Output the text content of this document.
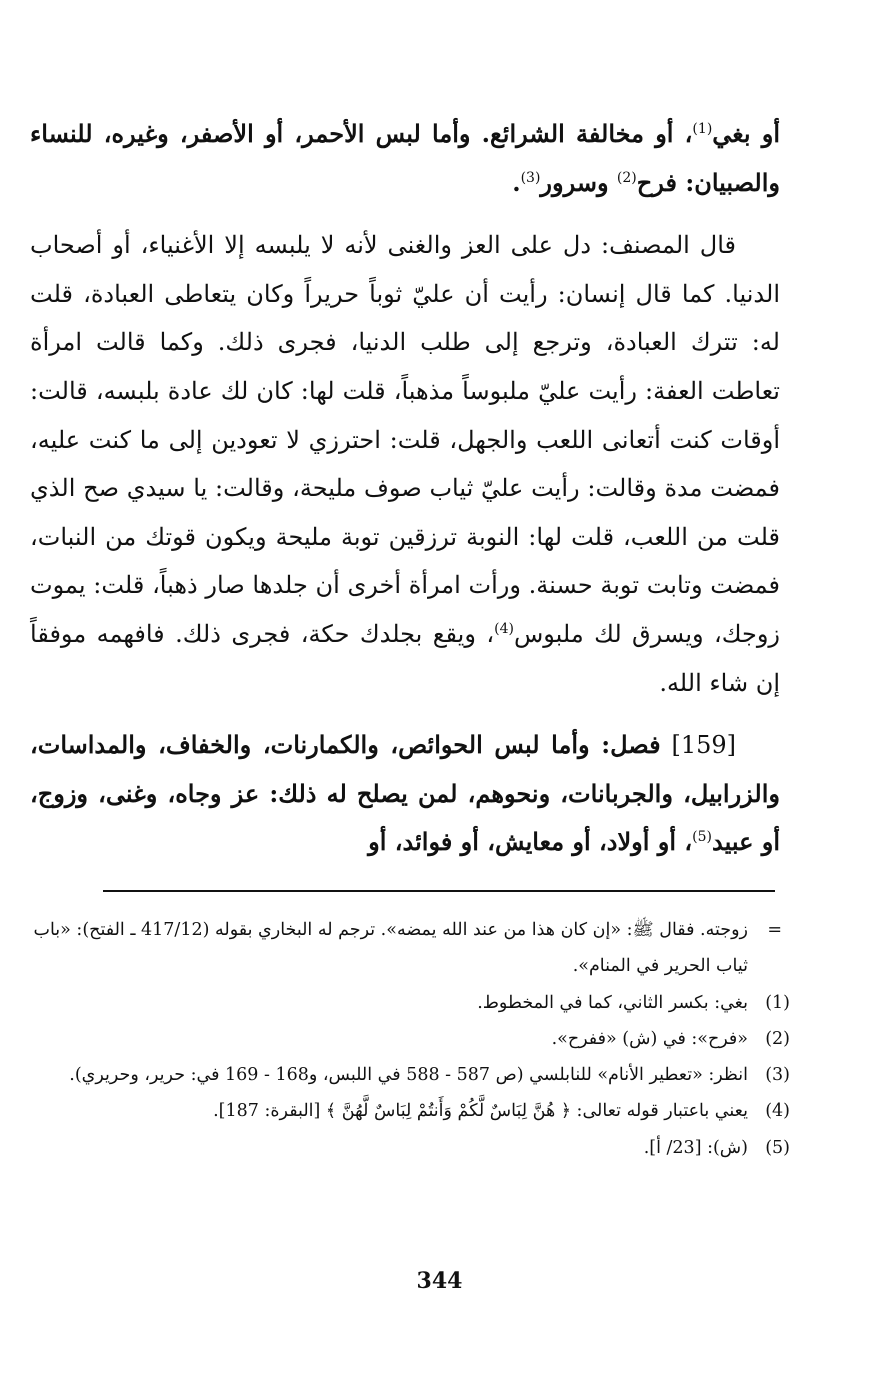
أو بغي$^{(1)}$، أو مخالفة الشرائع. وأما لبس الأحمر، أو الأصفر، وغيره، للنساء والصبيان: فرح$^{(2)}$ وسرور$^{(3)}$.

قال المصنف: دل على العز والغنى لأنه لا يلبسه إلا الأغنياء، أو أصحاب الدنيا. كما قال إنسان: رأيت أن عليّ ثوباً حريراً وكان يتعاطى العبادة، قلت له: تترك العبادة، وترجع إلى طلب الدنيا، فجرى ذلك. وكما قالت امرأة تعاطت العفة: رأيت عليّ ملبوساً مذهباً، قلت لها: كان لك عادة بلبسه، قالت: أوقات كنت أتعانى اللعب والجهل، قلت: احترزي لا تعودين إلى ما كنت عليه، فمضت مدة وقالت: رأيت عليّ ثياب صوف مليحة، وقالت: يا سيدي صح الذي قلت من اللعب، قلت لها: النوبة ترزقين توبة مليحة ويكون قوتك من النبات، فمضت وتابت توبة حسنة. ورأت امرأة أخرى أن جلدها صار ذهباً، قلت: يموت زوجك، ويسرق لك ملبوس$^{(4)}$، ويقع بجلدك حكة، فجرى ذلك. فافهمه موفقاً إن شاء الله.

[159] فصل: وأما لبس الحوائص، والكمارنات، والخفاف، والمداسات، والزرابيل، والجربانات، ونحوهم، لمن يصلح له ذلك: عز وجاه، وغنى، وزوج، أو عبيد$^{(5)}$، أو أولاد، أو معايش، أو فوائد، أو

=
زوجته. فقال ﷺ: «إن كان هذا من عند الله يمضه». ترجم له البخاري بقوله (417/12 ـ الفتح): «باب ثياب الحرير في المنام».

(1)
بغي: بكسر الثاني، كما في المخطوط.

(2)
«فرح»: في (ش) «ففرح».

(3)
انظر: «تعطير الأنام» للنابلسي (ص 587 - 588 في اللبس، و168 - 169 في: حرير، وحريري).

(4)
يعني باعتبار قوله تعالى: ﴿ هُنَّ لِبَاسٌ لَّكُمْ وَأَنتُمْ لِبَاسٌ لَّهُنَّ ﴾ [البقرة: 187].

(5)
(ش): [23/ أ].

344
